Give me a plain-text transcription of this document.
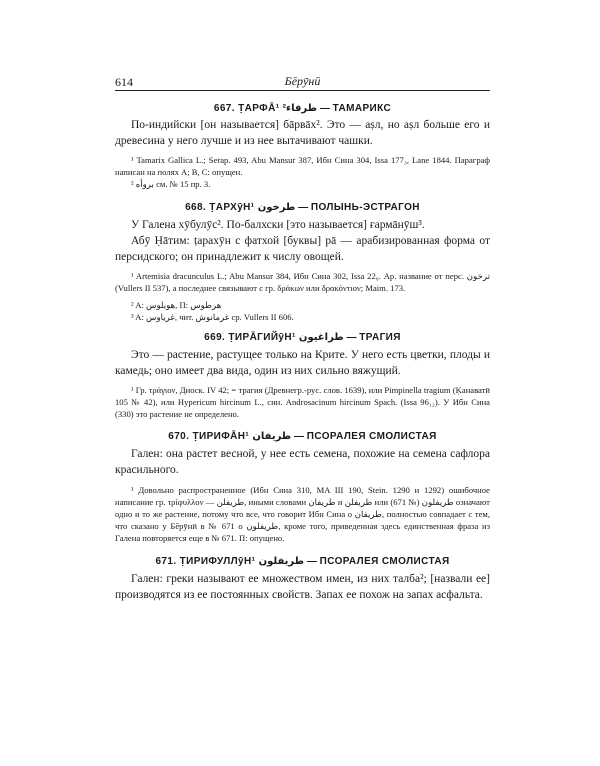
614	Бēрӯнӣ
667. ṬАРФĀ¹ طرفاء² — ТАМАРИКС

По-индийски [он называется] бāрвāх². Это — аṣл, но аṣл больше его и древесина у него лучше и из нее вытачивают чашки.

¹ Tamarix Gallica L.; Serap. 493, Abu Mansur 387, Ибн Сина 304, Issa 177₃, Lane 1844. Параграф написан на полях A; B, C: опущен.

² بروأه см. № 15 пр. 3.

668. ṬАРХӯН¹ طرخون — ПОЛЫНЬ-ЭСТРАГОН

У Галена хӯбулӯс². По-балхски [это называется] ғармāнӯш³.

Абӯ Ḥāтим: ṭарахӯн с фатхой [буквы] рā — арабизированная форма от персидского; он принадлежит к числу овощей.

¹ Artemisia dracunculus L.; Abu Mansur 384, Ибн Сина 302, Issa 22₆. Ар. название от перс. ترخون (Vullers II 537), а последнее связывают с гр. δράκων или δρακόντιον; Maim. 173.

² A: هوبلوس, П: هرطوس

³ A: غرياوس, чит. غرمانوش ср. Vullers II 606.

669. ṬИРĀГИЙӯН¹ طراغيون — ТРАГИЯ

Это — растение, растущее только на Крите. У него есть цветки, плоды и камедь; оно имеет два вида, один из них сильно вяжущий.

¹ Гр. τράγιον, Диоск. IV 42; = трагия (Древнегр.-рус. слов. 1639), или Pimpinella tragium (Ḳанаватӣ 105 № 42), или Hypericum hircinum L., син. Androsacinum hircinum Spach. (Issa 96₁₂). У Ибн Сина (330) это растение не определено.

670. ṬИРИФĀН¹ طريفان — ПСОРАЛЕЯ СМОЛИСТАЯ

Гален: она растет весной, у нее есть семена, похожие на семена сафлора красильного.

¹ Довольно распространенное (Ибн Сина 310, MA III 190, Stein. 1290 и 1292) ошибочное написание гр. τρίφυλλον — طريفلن, иными словами طريفان и طريفلن или طريفلون (№ 671) означают одно и то же растение, потому что все, что говорит Ибн Сина о طريفان, полностью совпадает с тем, что сказано у Бēрӯнӣ в № 671 о طريفلون, кроме того, приведенная здесь единственная фраза из Галена повторяется еще в № 671. П: опущено.

671. ṬИРИФУЛЛӯН¹ طريفلون — ПСОРАЛЕЯ СМОЛИСТАЯ

Гален: греки называют ее множеством имен, из них талба²; [назвали ее] производятся из ее постоянных свойств. Запах ее похож на запах асфальта.
